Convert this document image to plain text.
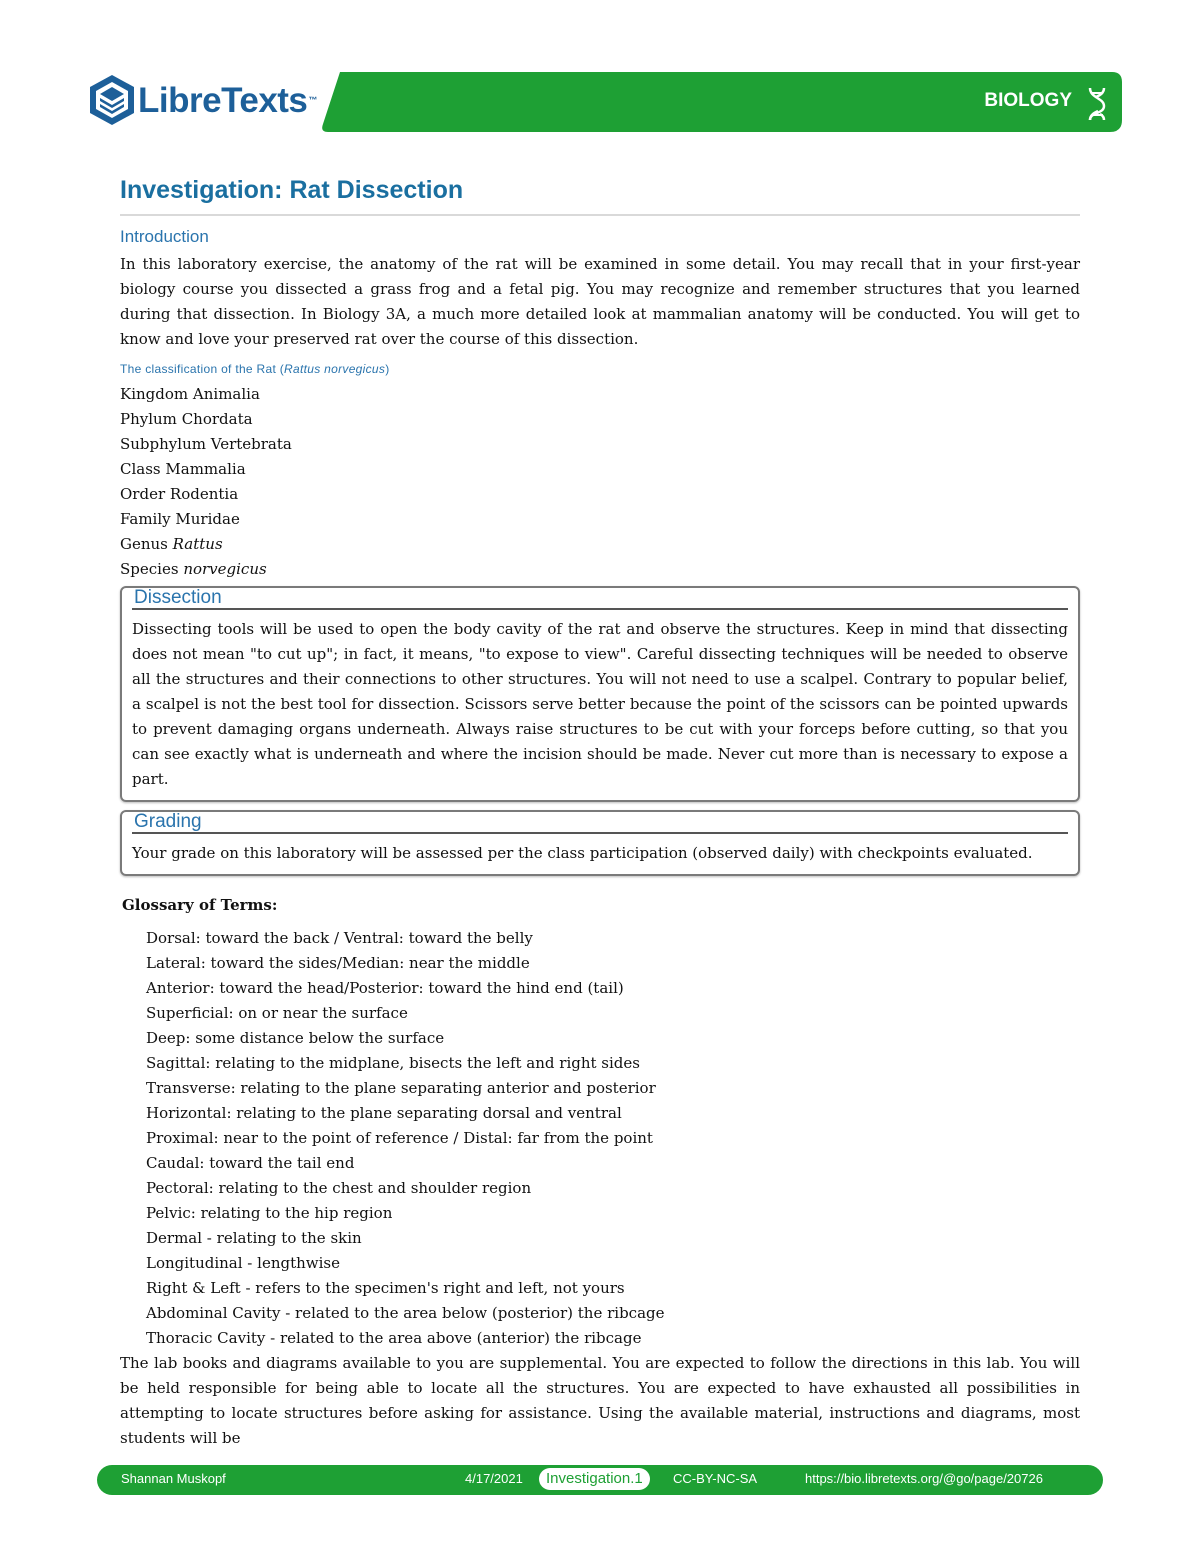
LibreTexts™	BIOLOGY
Investigation: Rat Dissection
Introduction

In this laboratory exercise, the anatomy of the rat will be examined in some detail. You may recall that in your first-year biology course you dissected a grass frog and a fetal pig. You may recognize and remember structures that you learned during that dissection. In Biology 3A, a much more detailed look at mammalian anatomy will be conducted. You will get to know and love your preserved rat over the course of this dissection.

The classification of the Rat (Rattus norvegicus)
Kingdom Animalia
Phylum Chordata
Subphylum Vertebrata
Class Mammalia
Order Rodentia
Family Muridae
Genus Rattus
Species norvegicus
Dissection

Dissecting tools will be used to open the body cavity of the rat and observe the structures. Keep in mind that dissecting does not mean "to cut up"; in fact, it means, "to expose to view". Careful dissecting techniques will be needed to observe all the structures and their connections to other structures. You will not need to use a scalpel. Contrary to popular belief, a scalpel is not the best tool for dissection. Scissors serve better because the point of the scissors can be pointed upwards to prevent damaging organs underneath. Always raise structures to be cut with your forceps before cutting, so that you can see exactly what is underneath and where the incision should be made. Never cut more than is necessary to expose a part.

Grading

Your grade on this laboratory will be assessed per the class participation (observed daily) with checkpoints evaluated.

Glossary of Terms:
Dorsal: toward the back / Ventral: toward the belly
Lateral: toward the sides/Median: near the middle
Anterior: toward the head/Posterior: toward the hind end (tail)
Superficial: on or near the surface
Deep: some distance below the surface
Sagittal: relating to the midplane, bisects the left and right sides
Transverse: relating to the plane separating anterior and posterior
Horizontal: relating to the plane separating dorsal and ventral
Proximal: near to the point of reference / Distal: far from the point
Caudal: toward the tail end
Pectoral: relating to the chest and shoulder region
Pelvic: relating to the hip region
Dermal - relating to the skin
Longitudinal - lengthwise
Right & Left - refers to the specimen's right and left, not yours
Abdominal Cavity - related to the area below (posterior) the ribcage
Thoracic Cavity - related to the area above (anterior) the ribcage

The lab books and diagrams available to you are supplemental. You are expected to follow the directions in this lab. You will be held responsible for being able to locate all the structures. You are expected to have exhausted all possibilities in attempting to locate structures before asking for assistance. Using the available material, instructions and diagrams, most students will be

Shannan Muskopf	4/17/2021	Investigation.1	CC-BY-NC-SA	https://bio.libretexts.org/@go/page/20726
